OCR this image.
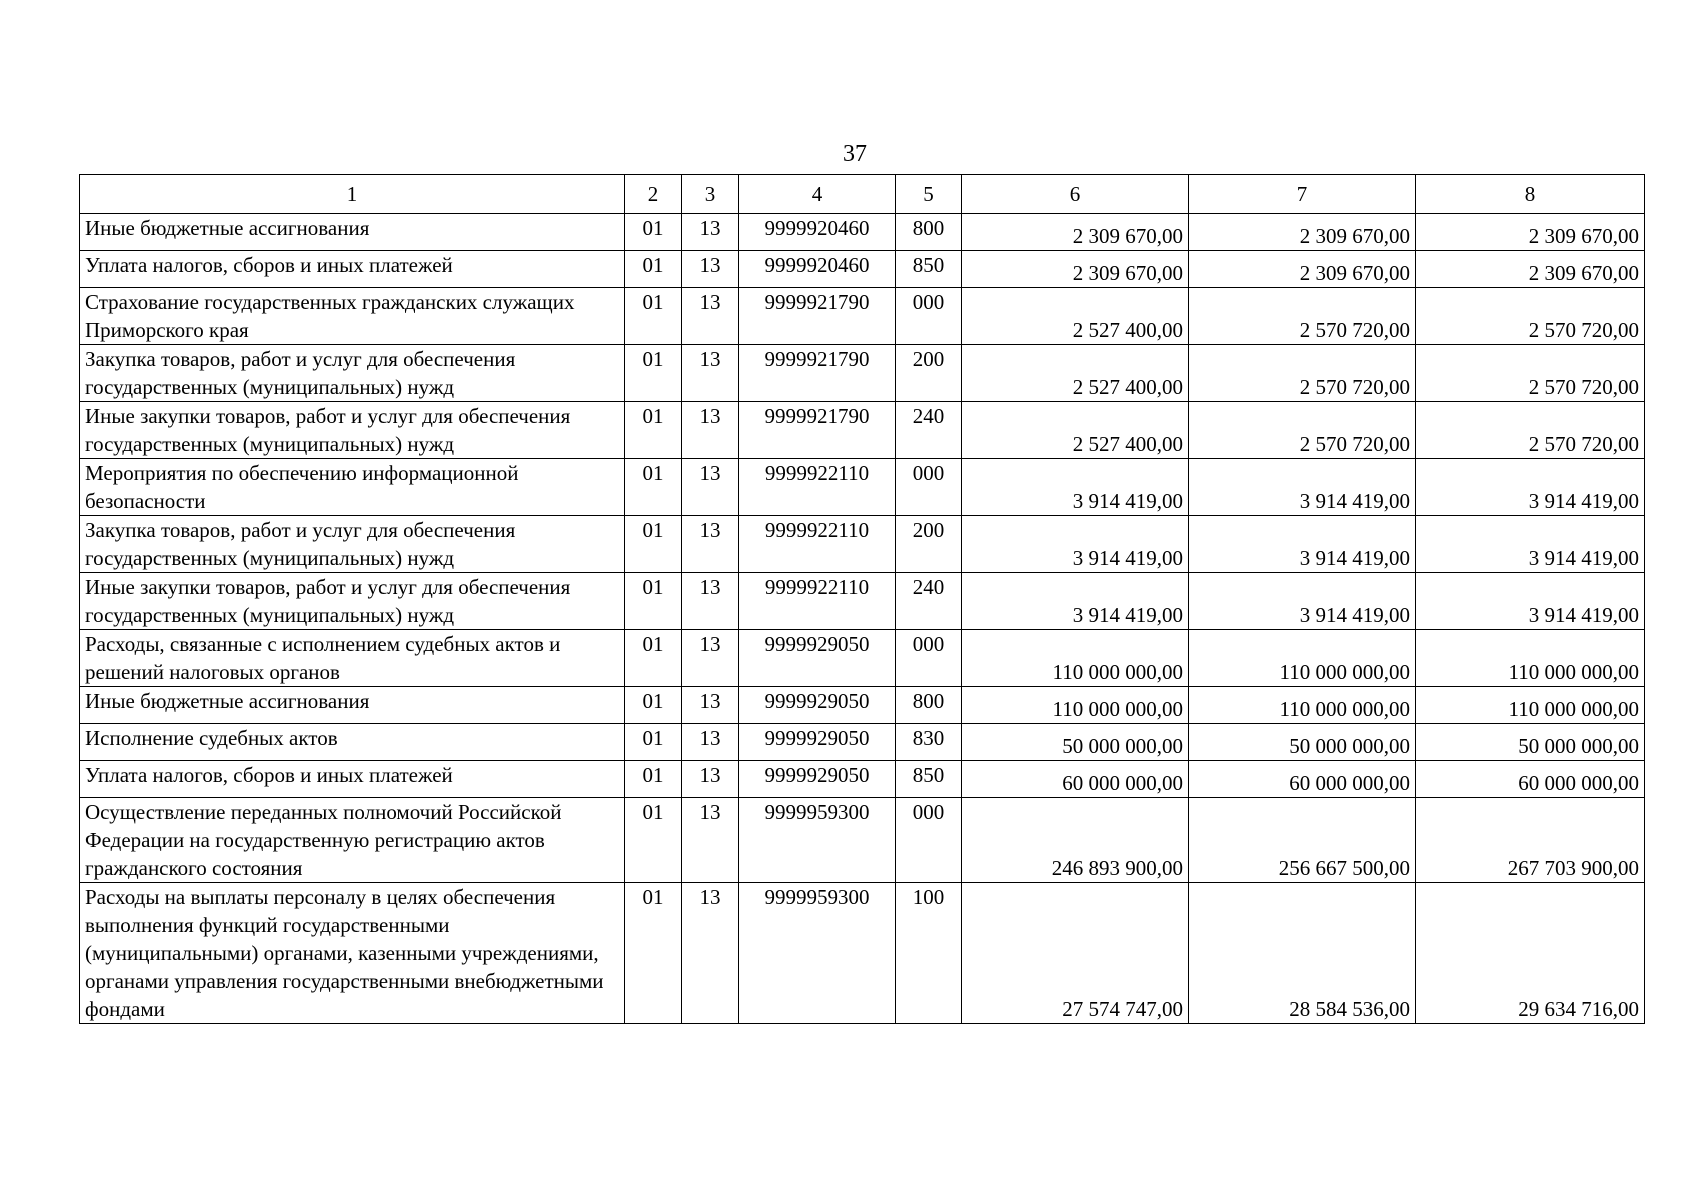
37
1	2	3	4	5	6	7	8
Иные бюджетные ассигнования	01	13	9999920460	800	2 309 670,00	2 309 670,00	2 309 670,00
Уплата налогов, сборов и иных платежей	01	13	9999920460	850	2 309 670,00	2 309 670,00	2 309 670,00
Страхование государственных гражданских служащих Приморского края	01	13	9999921790	000	2 527 400,00	2 570 720,00	2 570 720,00
Закупка товаров, работ и услуг для обеспечения государственных (муниципальных) нужд	01	13	9999921790	200	2 527 400,00	2 570 720,00	2 570 720,00
Иные закупки товаров, работ и услуг для обеспечения государственных (муниципальных) нужд	01	13	9999921790	240	2 527 400,00	2 570 720,00	2 570 720,00
Мероприятия по обеспечению информационной безопасности	01	13	9999922110	000	3 914 419,00	3 914 419,00	3 914 419,00
Закупка товаров, работ и услуг для обеспечения государственных (муниципальных) нужд	01	13	9999922110	200	3 914 419,00	3 914 419,00	3 914 419,00
Иные закупки товаров, работ и услуг для обеспечения государственных (муниципальных) нужд	01	13	9999922110	240	3 914 419,00	3 914 419,00	3 914 419,00
Расходы, связанные с исполнением судебных актов и решений налоговых органов	01	13	9999929050	000	110 000 000,00	110 000 000,00	110 000 000,00
Иные бюджетные ассигнования	01	13	9999929050	800	110 000 000,00	110 000 000,00	110 000 000,00
Исполнение судебных актов	01	13	9999929050	830	50 000 000,00	50 000 000,00	50 000 000,00
Уплата налогов, сборов и иных платежей	01	13	9999929050	850	60 000 000,00	60 000 000,00	60 000 000,00
Осуществление переданных полномочий Российской Федерации на государственную регистрацию актов гражданского состояния	01	13	9999959300	000	246 893 900,00	256 667 500,00	267 703 900,00
Расходы на выплаты персоналу в целях обеспечения выполнения функций государственными (муниципальными) органами, казенными учреждениями, органами управления государственными внебюджетными фондами	01	13	9999959300	100	27 574 747,00	28 584 536,00	29 634 716,00
